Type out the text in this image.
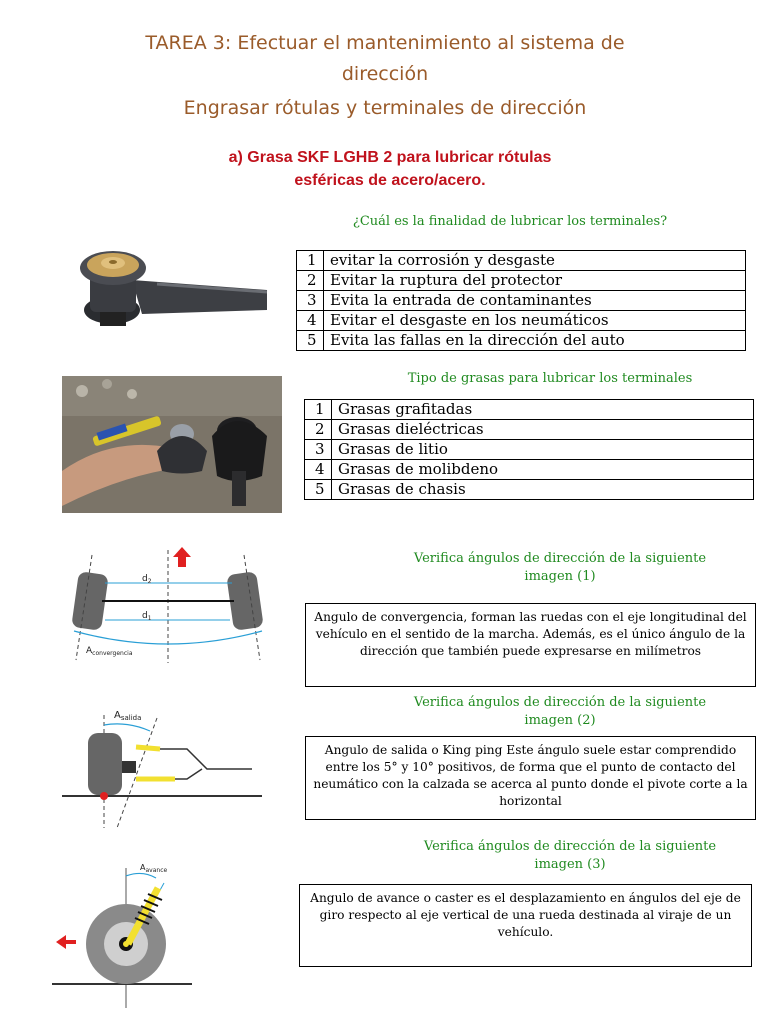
TAREA 3: Efectuar el mantenimiento al sistema de
dirección
Engrasar rótulas y terminales de dirección
a) Grasa SKF LGHB 2 para lubricar rótulas
esféricas de acero/acero.
¿Cuál es la finalidad de lubricar los terminales?
1	evitar la corrosión y desgaste
2	Evitar la ruptura del protector
3	Evita la entrada de contaminantes
4	Evitar el desgaste en los neumáticos
5	Evita las fallas en la dirección del auto
Tipo de grasas para lubricar los terminales
1	Grasas grafitadas
2	Grasas dieléctricas
3	Grasas de litio
4	Grasas de molibdeno
5	Grasas de chasis
$d_2$
$d_1$
$A_{convergencia}$
Verifica ángulos de dirección de la siguiente
imagen (1)
Angulo de convergencia, forman las ruedas con el eje longitudinal del vehículo en el sentido de la marcha. Además, es el único ángulo de la dirección que también puede expresarse en milímetros
$A_{salida}$
Verifica ángulos de dirección de la siguiente
imagen (2)
Angulo de salida o King ping Este ángulo suele estar comprendido entre los 5° y 10° positivos, de forma que el punto de contacto del neumático con la calzada se acerca al punto donde el pivote corte a la horizontal
$A_{avance}$
Verifica ángulos de dirección de la siguiente
imagen (3)
Angulo de avance o caster es el desplazamiento en ángulos del eje de giro respecto al eje vertical de una rueda destinada al viraje de un vehículo.
